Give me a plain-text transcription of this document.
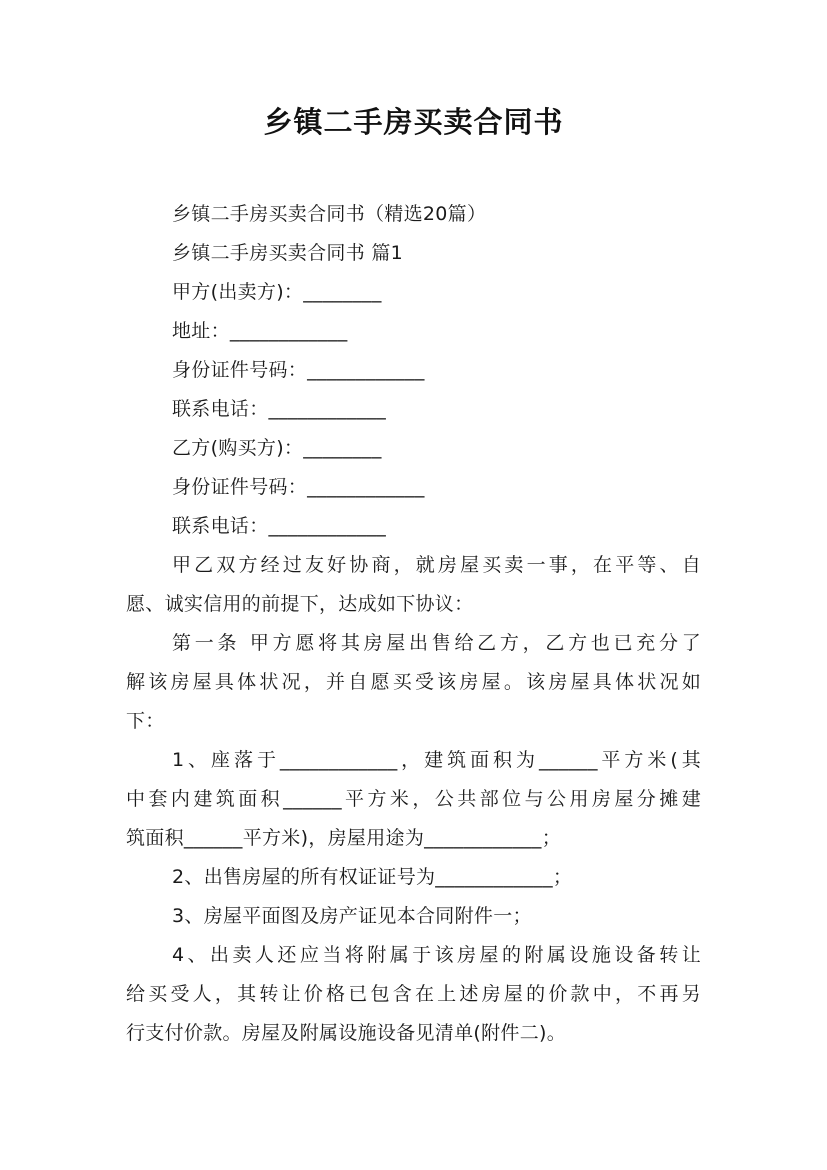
乡镇二手房买卖合同书
乡镇二手房买卖合同书（精选20篇）
乡镇二手房买卖合同书 篇1
甲方(出卖方)：________
地址：____________
身份证件号码：____________
联系电话：____________
乙方(购买方)：________
身份证件号码：____________
联系电话：____________
甲乙双方经过友好协商，就房屋买卖一事，在平等、自
愿、诚实信用的前提下，达成如下协议：
第一条 甲方愿将其房屋出售给乙方，乙方也已充分了
解该房屋具体状况，并自愿买受该房屋。该房屋具体状况如
下：
1、座落于____________，建筑面积为______平方米(其
中套内建筑面积______平方米，公共部位与公用房屋分摊建
筑面积______平方米)，房屋用途为____________；
2、出售房屋的所有权证证号为____________；
3、房屋平面图及房产证见本合同附件一；
4、出卖人还应当将附属于该房屋的附属设施设备转让
给买受人，其转让价格已包含在上述房屋的价款中，不再另
行支付价款。房屋及附属设施设备见清单(附件二)。
